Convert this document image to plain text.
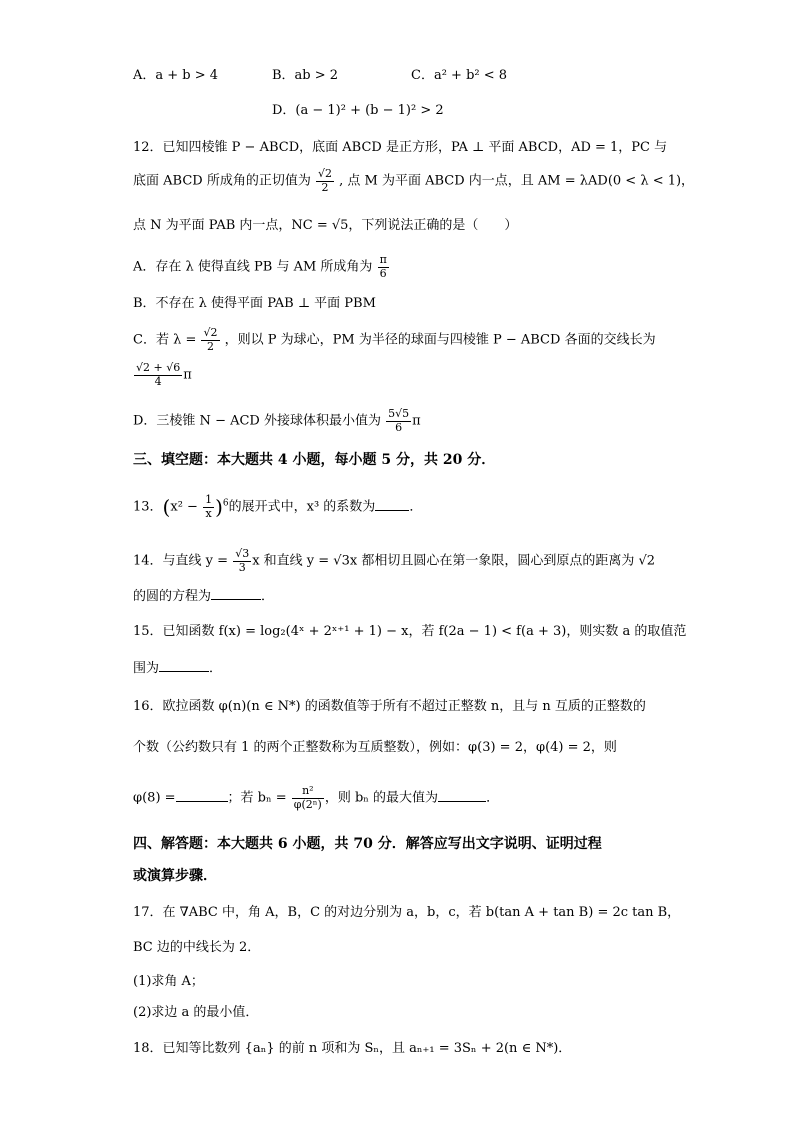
A．a + b > 4	B．ab > 2	C．a² + b² < 8
D．(a − 1)² + (b − 1)² > 2
12．已知四棱锥 P − ABCD，底面 ABCD 是正方形，PA ⊥ 平面 ABCD，AD = 1，PC 与
底面 ABCD 所成角的正切值为 $\frac{√2}{2}$ , 点 M 为平面 ABCD 内一点，且 AM = λAD(0 < λ < 1)，
点 N 为平面 PAB 内一点，NC = √5，下列说法正确的是（　　）
A．存在 λ 使得直线 PB 与 AM 所成角为 $\frac{\pi}{6}$
B．不存在 λ 使得平面 PAB ⊥ 平面 PBM
C．若 $\lambda = \frac{√2}{2}$ ，则以 P 为球心，PM 为半径的球面与四棱锥 P − ABCD 各面的交线长为
$\frac{√2 + √6}{4}$ π
D．三棱锥 N − ACD 外接球体积最小值为 $\frac{5√5}{6}$ π
三、填空题：本大题共 4 小题，每小题 5 分，共 20 分．
13．$(x^2 - \frac{1}{x} )^6$的展开式中，x³ 的系数为	．
14．与直线 $y = \frac{√3}{3}$ x 和直线 y = √3x 都相切且圆心在第一象限，圆心到原点的距离为 √2
的圆的方程为	．
15．已知函数 f(x) = log₂(4ˣ + 2ˣ⁺¹ + 1) − x，若 f(2a − 1) < f(a + 3)，则实数 a 的取值范
围为	．
16．欧拉函数 φ(n)(n ∈ N*) 的函数值等于所有不超过正整数 n，且与 n 互质的正整数的
个数（公约数只有 1 的两个正整数称为互质整数），例如：φ(3) = 2，φ(4) = 2，则
φ(8) =	；若 $b_n = \frac{\text{n²}}{\text{φ(2ⁿ)}}$ ，则 bₙ 的最大值为	．
四、解答题：本大题共 6 小题，共 70 分．解答应写出文字说明、证明过程
或演算步骤．
17．在 ∇ABC 中，角 A，B，C 的对边分别为 a，b，c，若 b(tan A + tan B) = 2c tan B，
BC 边的中线长为 2．
(1)求角 A；
(2)求边 a 的最小值．
18．已知等比数列 {aₙ} 的前 n 项和为 Sₙ，且 aₙ₊₁ = 3Sₙ + 2(n ∈ N*)．
